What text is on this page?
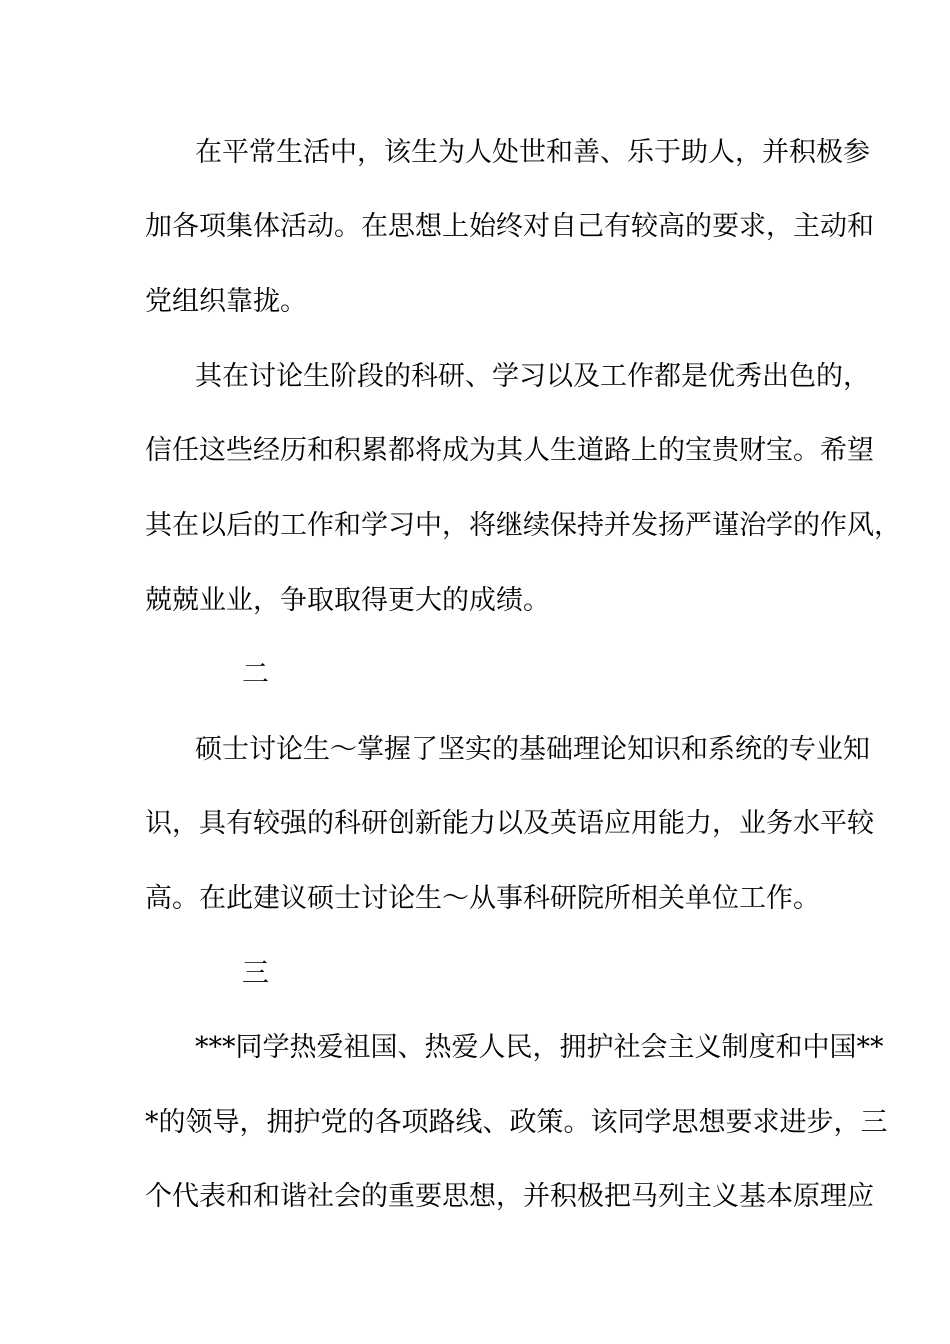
在平常生活中，该生为人处世和善、乐于助人，并积极参

加各项集体活动。在思想上始终对自己有较高的要求，主动和

党组织靠拢。

其在讨论生阶段的科研、学习以及工作都是优秀出色的，

信任这些经历和积累都将成为其人生道路上的宝贵财宝。希望

其在以后的工作和学习中，将继续保持并发扬严谨治学的作风，

兢兢业业，争取取得更大的成绩。

二

硕士讨论生～掌握了坚实的基础理论知识和系统的专业知

识，具有较强的科研创新能力以及英语应用能力，业务水平较

高。在此建议硕士讨论生～从事科研院所相关单位工作。

三

***同学热爱祖国、热爱人民，拥护社会主义制度和中国**

*的领导，拥护党的各项路线、政策。该同学思想要求进步，三

个代表和和谐社会的重要思想，并积极把马列主义基本原理应
